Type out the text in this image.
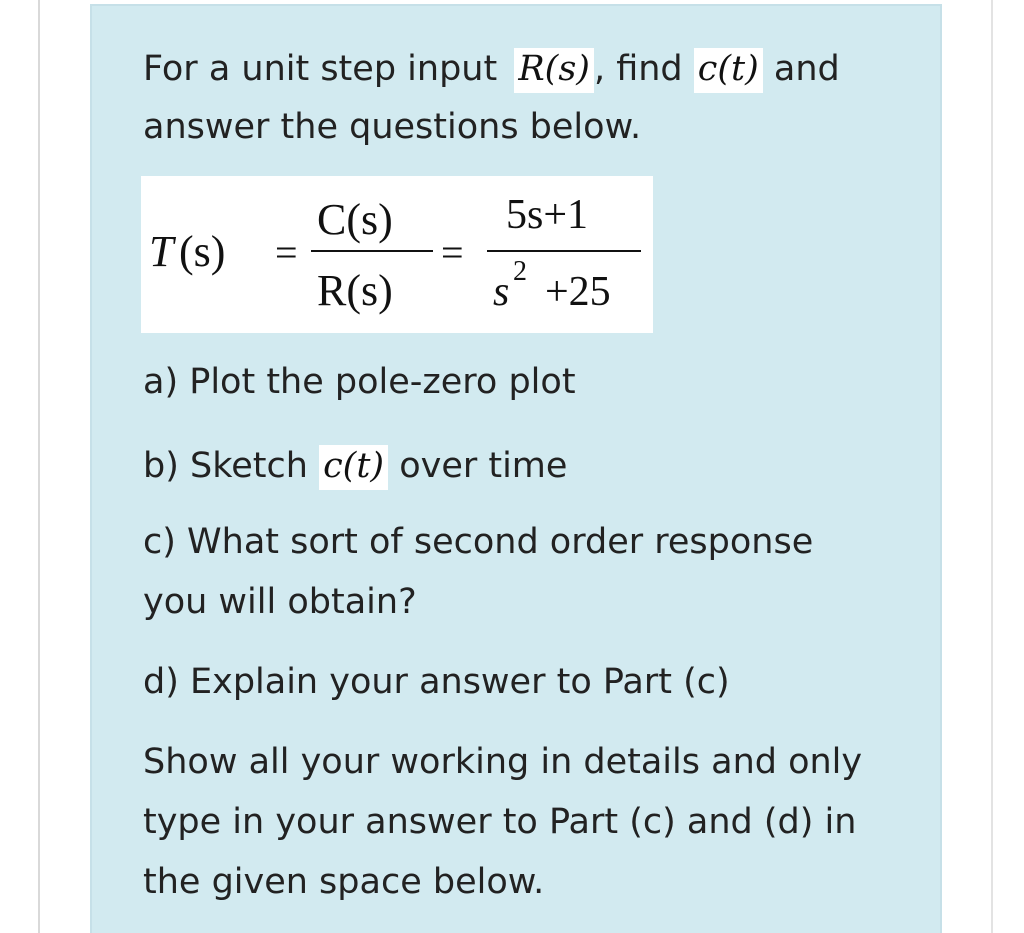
For a unit step input R(s) , find c(t) and
answer the questions below.
T (s) =
C(s)
R(s)
=
5s+1
s 2 +25
a) Plot the pole-zero plot
b) Sketch c(t) over time
c) What sort of second order response
you will obtain?
d) Explain your answer to Part (c)
Show all your working in details and only
type in your answer to Part (c) and (d) in
the given space below.
